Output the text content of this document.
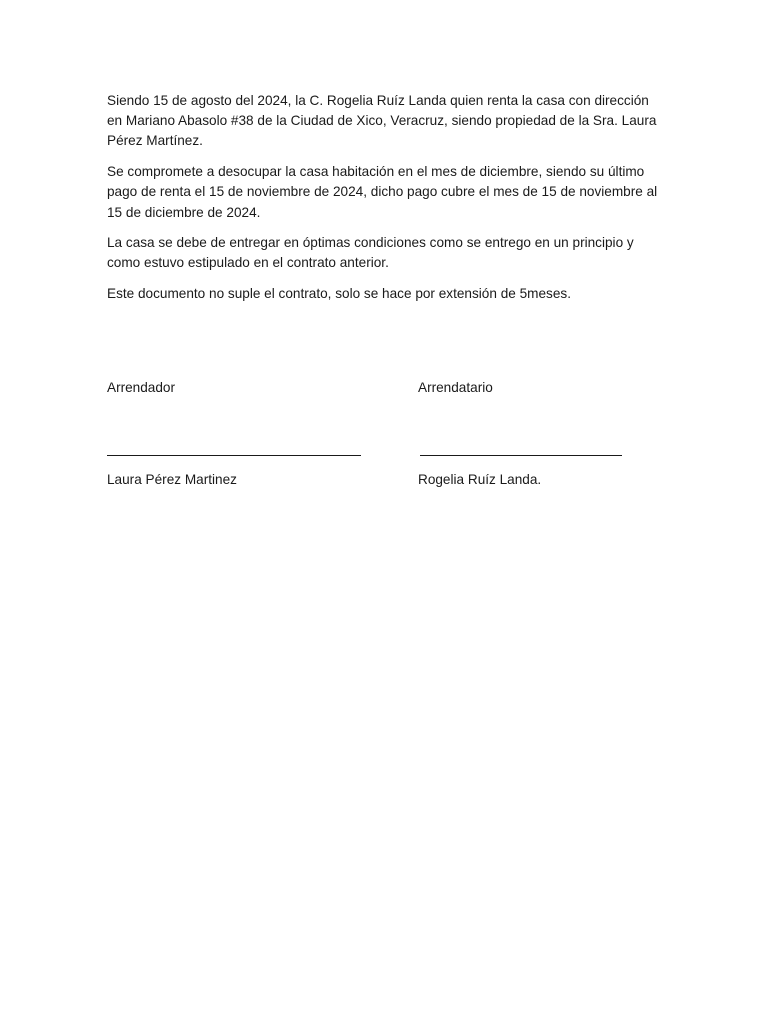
Siendo 15 de agosto del 2024, la C. Rogelia Ruíz Landa quien renta la casa con dirección en Mariano Abasolo #38 de la Ciudad de Xico, Veracruz, siendo propiedad de la Sra. Laura Pérez Martínez.

Se compromete a desocupar la casa habitación en el mes de diciembre, siendo su último pago de renta el 15 de noviembre de 2024, dicho pago cubre el mes de 15 de noviembre al 15 de diciembre de 2024.

La casa se debe de entregar en óptimas condiciones como se entrego en un principio y como estuvo estipulado en el contrato anterior.

Este documento no suple el contrato, solo se hace por extensión de 5meses.

Arrendador	Arrendatario
Laura Pérez Martinez	Rogelia Ruíz Landa.
